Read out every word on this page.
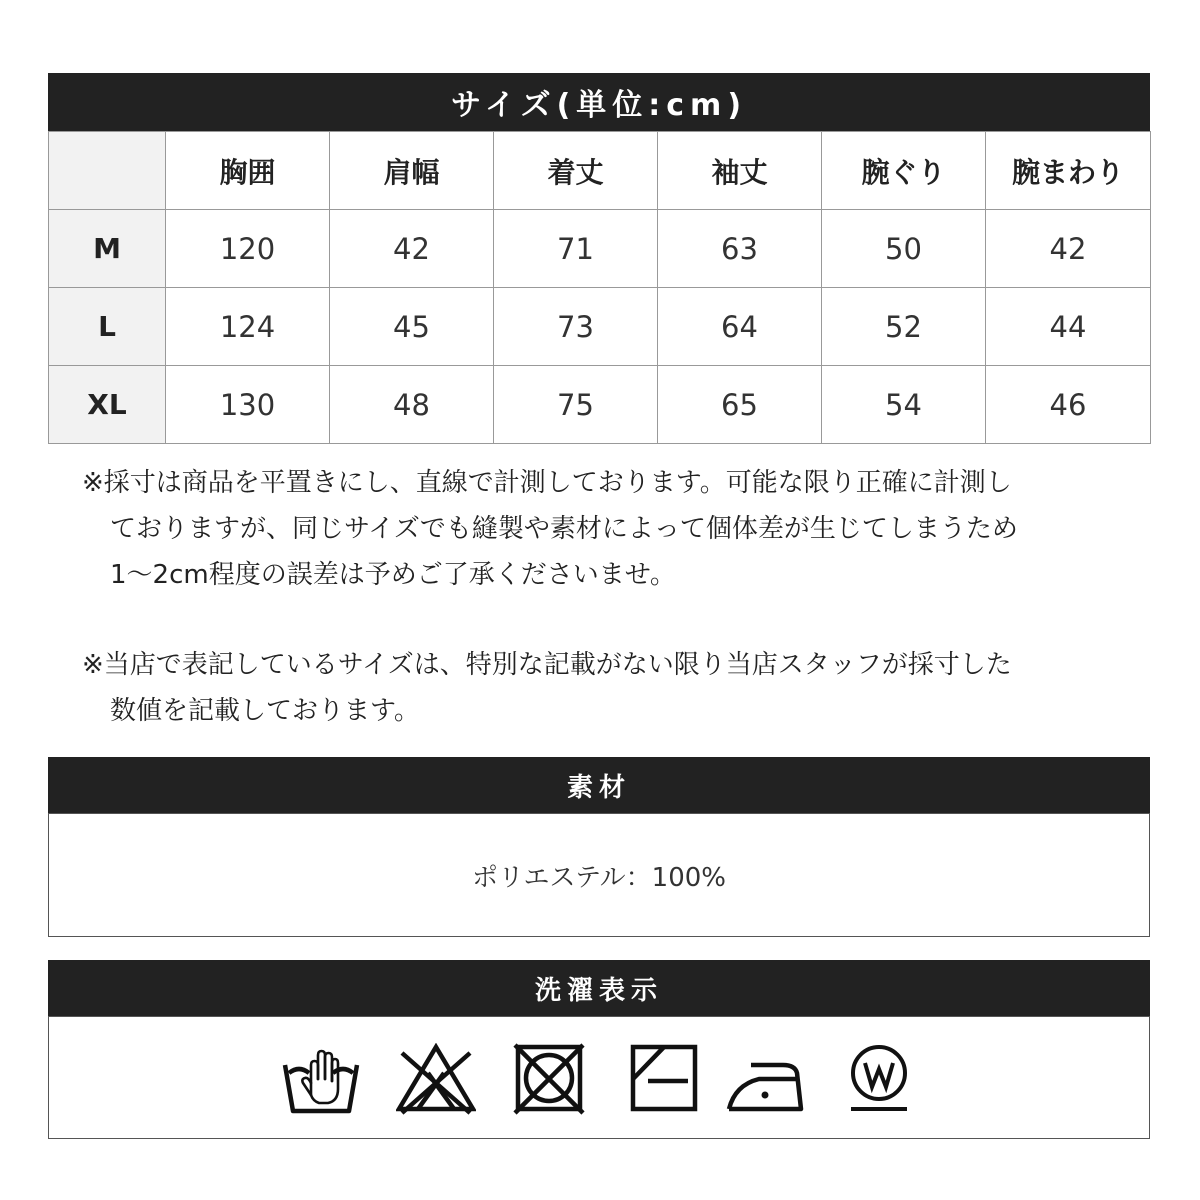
サイズ(単位:cm)
	胸囲	肩幅	着丈	袖丈	腕ぐり	腕まわり
M	120	42	71	63	50	42
L	124	45	73	64	52	44
XL	130	48	75	65	54	46
※採寸は商品を平置きにし、直線で計測しております。可能な限り正確に計測し
ておりますが、同じサイズでも縫製や素材によって個体差が生じてしまうため
1～2cm程度の誤差は予めご了承くださいませ。
※当店で表記しているサイズは、特別な記載がない限り当店スタッフが採寸した
数値を記載しております。
素材
ポリエステル：100%
洗濯表示
